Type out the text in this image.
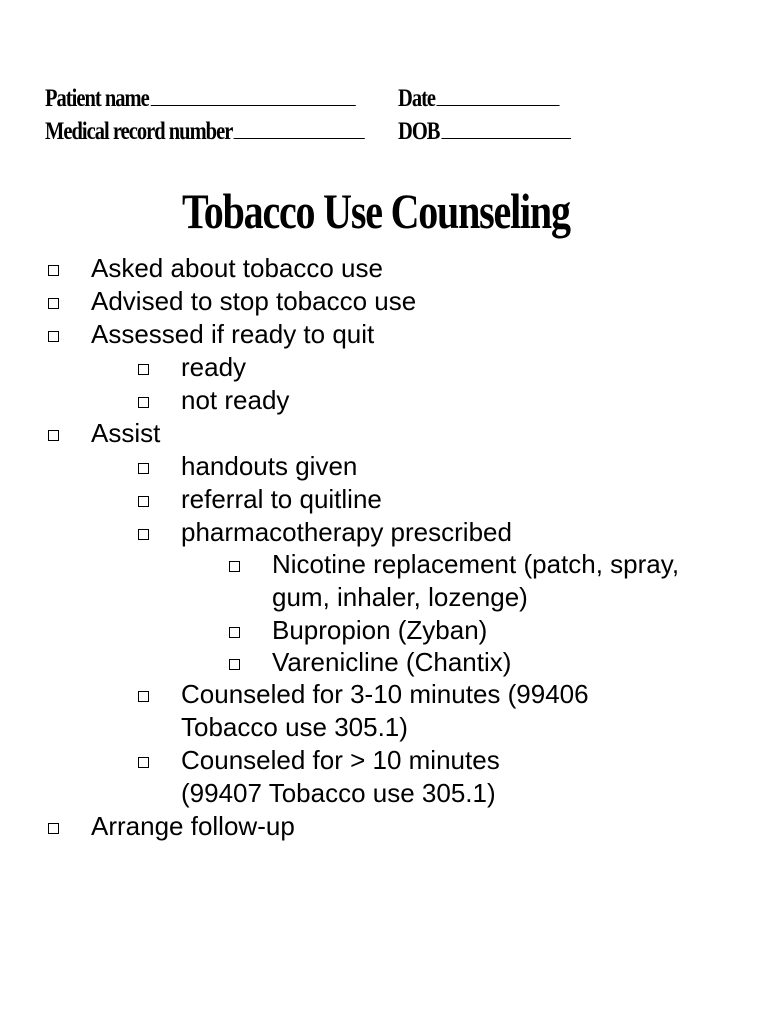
Patient name	Date
Medical record number	DOB
Tobacco Use Counseling
Asked about tobacco use
Advised to stop tobacco use
Assessed if ready to quit
ready
not ready
Assist
handouts given
referral to quitline
pharmacotherapy prescribed
Nicotine replacement (patch, spray,
gum, inhaler, lozenge)
Bupropion (Zyban)
Varenicline (Chantix)
Counseled for 3-10 minutes (99406
Tobacco use 305.1)
Counseled for > 10 minutes
(99407 Tobacco use 305.1)
Arrange follow-up
